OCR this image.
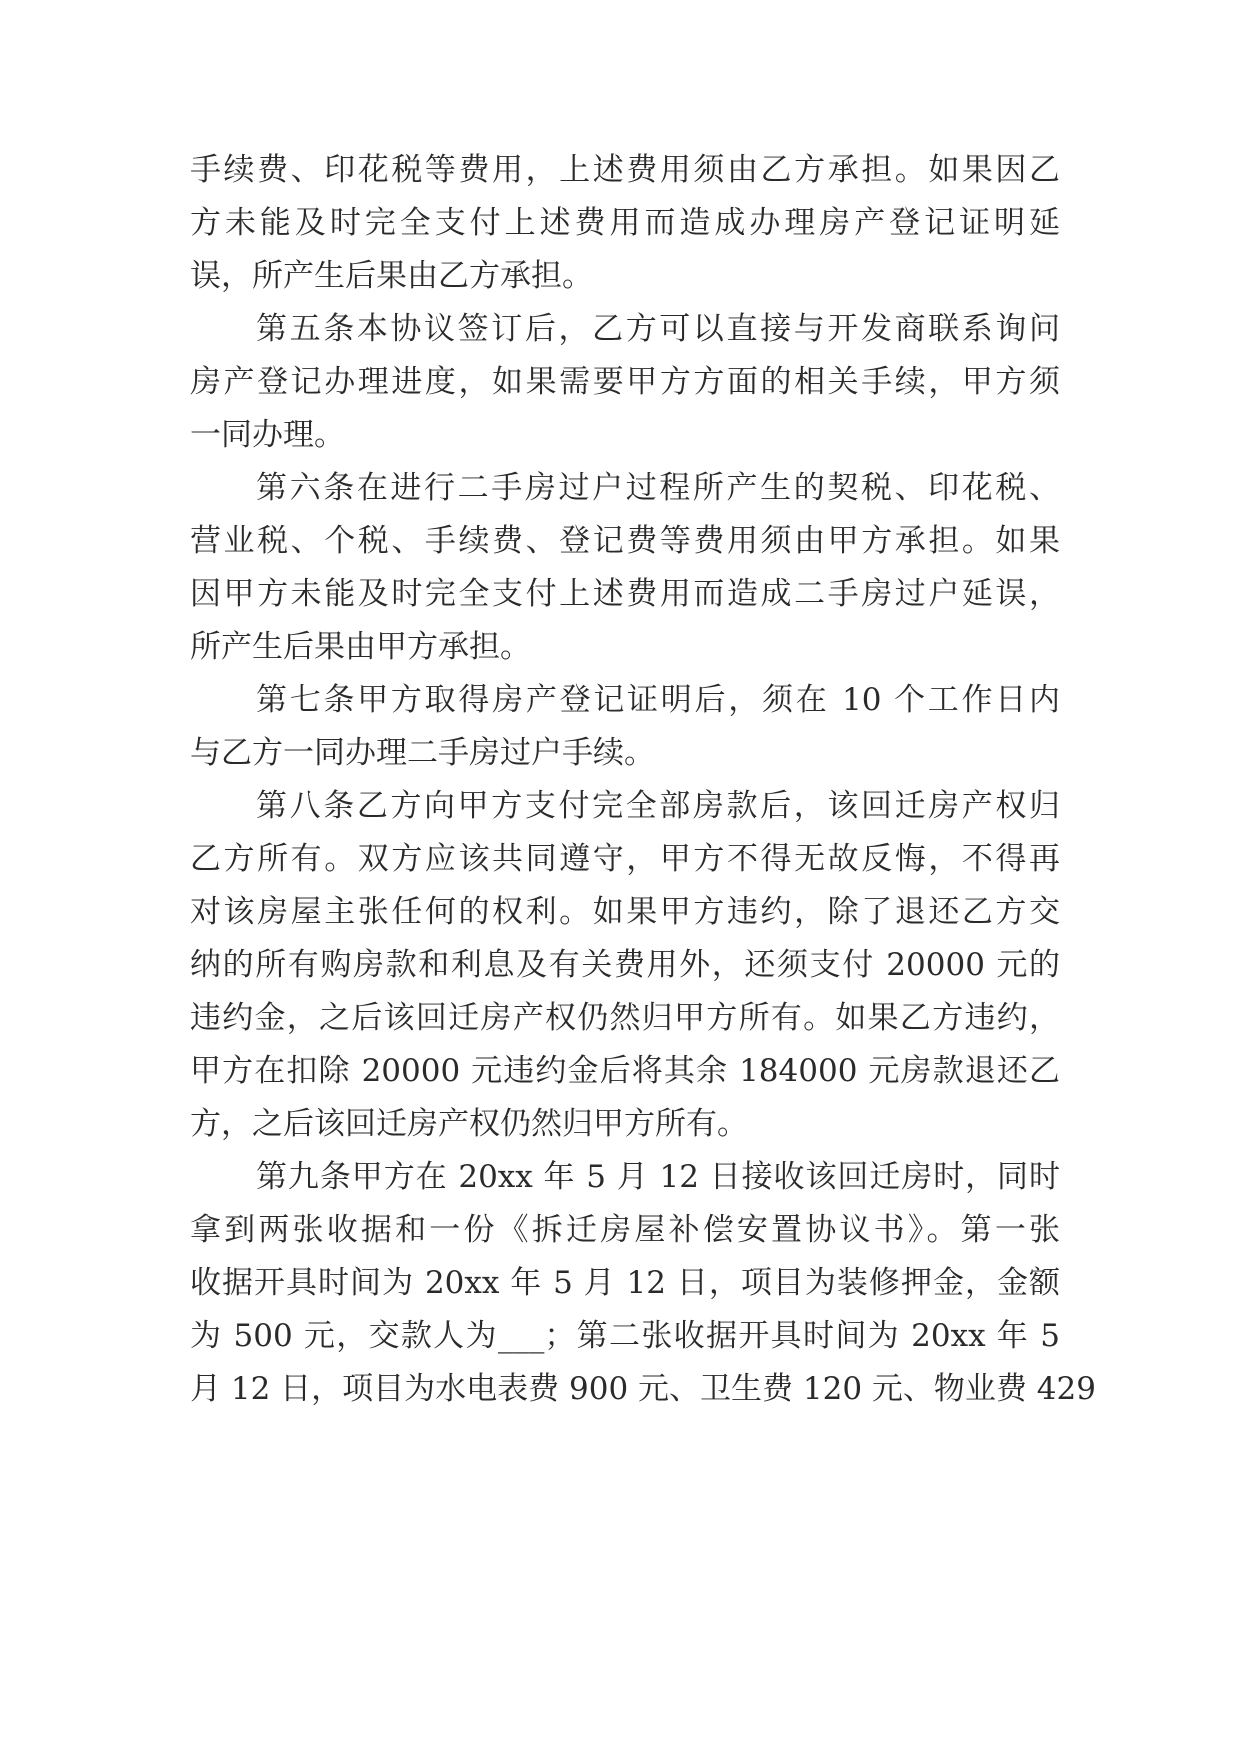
手续费、印花税等费用，上述费用须由乙方承担。如果因乙
方未能及时完全支付上述费用而造成办理房产登记证明延
误，所产生后果由乙方承担。
第五条本协议签订后，乙方可以直接与开发商联系询问
房产登记办理进度，如果需要甲方方面的相关手续，甲方须
一同办理。
第六条在进行二手房过户过程所产生的契税、印花税、
营业税、个税、手续费、登记费等费用须由甲方承担。如果
因甲方未能及时完全支付上述费用而造成二手房过户延误，
所产生后果由甲方承担。
第七条甲方取得房产登记证明后，须在 10 个工作日内
与乙方一同办理二手房过户手续。
第八条乙方向甲方支付完全部房款后，该回迁房产权归
乙方所有。双方应该共同遵守，甲方不得无故反悔，不得再
对该房屋主张任何的权利。如果甲方违约，除了退还乙方交
纳的所有购房款和利息及有关费用外，还须支付 20000 元的
违约金，之后该回迁房产权仍然归甲方所有。如果乙方违约，
甲方在扣除 20000 元违约金后将其余 184000 元房款退还乙
方，之后该回迁房产权仍然归甲方所有。
第九条甲方在 20xx 年 5 月 12 日接收该回迁房时，同时
拿到两张收据和一份《拆迁房屋补偿安置协议书》。第一张
收据开具时间为 20xx 年 5 月 12 日，项目为装修押金，金额
为 500 元，交款人为___；第二张收据开具时间为 20xx 年 5
月 12 日，项目为水电表费 900 元、卫生费 120 元、物业费 429
